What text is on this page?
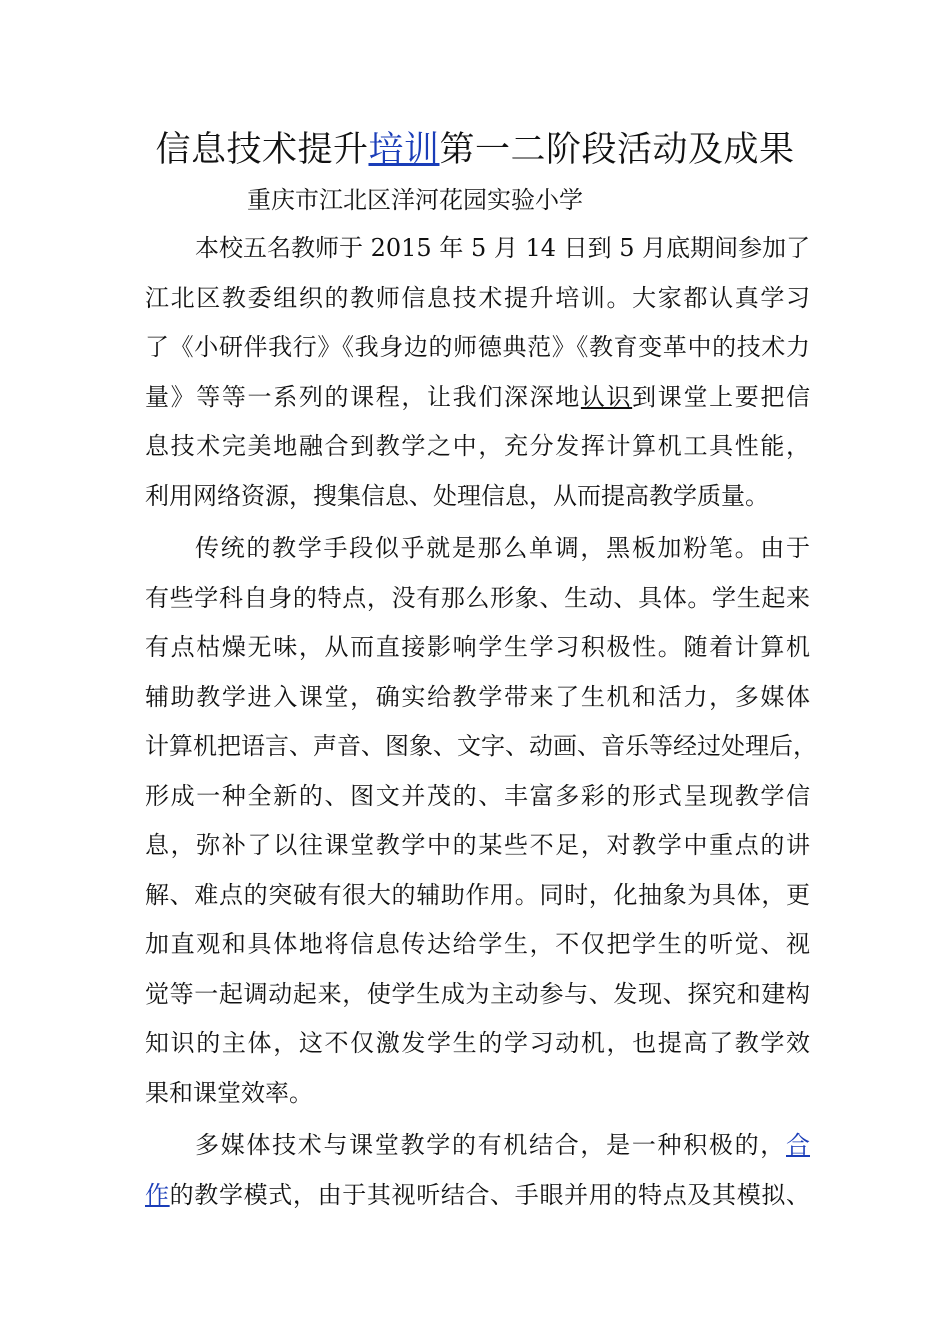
信息技术提升培训第一二阶段活动及成果
重庆市江北区洋河花园实验小学
本校五名教师于 2015 年 5 月 14 日到 5 月底期间参加了
江北区教委组织的教师信息技术提升培训。大家都认真学习
了《小研伴我行》《我身边的师德典范》《教育变革中的技术力
量》等等一系列的课程，让我们深深地认识到课堂上要把信
息技术完美地融合到教学之中，充分发挥计算机工具性能，
利用网络资源，搜集信息、处理信息，从而提高教学质量。
传统的教学手段似乎就是那么单调，黑板加粉笔。由于
有些学科自身的特点，没有那么形象、生动、具体。学生起来
有点枯燥无味，从而直接影响学生学习积极性。随着计算机
辅助教学进入课堂，确实给教学带来了生机和活力，多媒体
计算机把语言、声音、图象、文字、动画、音乐等经过处理后，
形成一种全新的、图文并茂的、丰富多彩的形式呈现教学信
息，弥补了以往课堂教学中的某些不足，对教学中重点的讲
解、难点的突破有很大的辅助作用。同时，化抽象为具体，更
加直观和具体地将信息传达给学生，不仅把学生的听觉、视
觉等一起调动起来，使学生成为主动参与、发现、探究和建构
知识的主体，这不仅激发学生的学习动机，也提高了教学效
果和课堂效率。
多媒体技术与课堂教学的有机结合，是一种积极的，合
作的教学模式，由于其视听结合、手眼并用的特点及其模拟、
